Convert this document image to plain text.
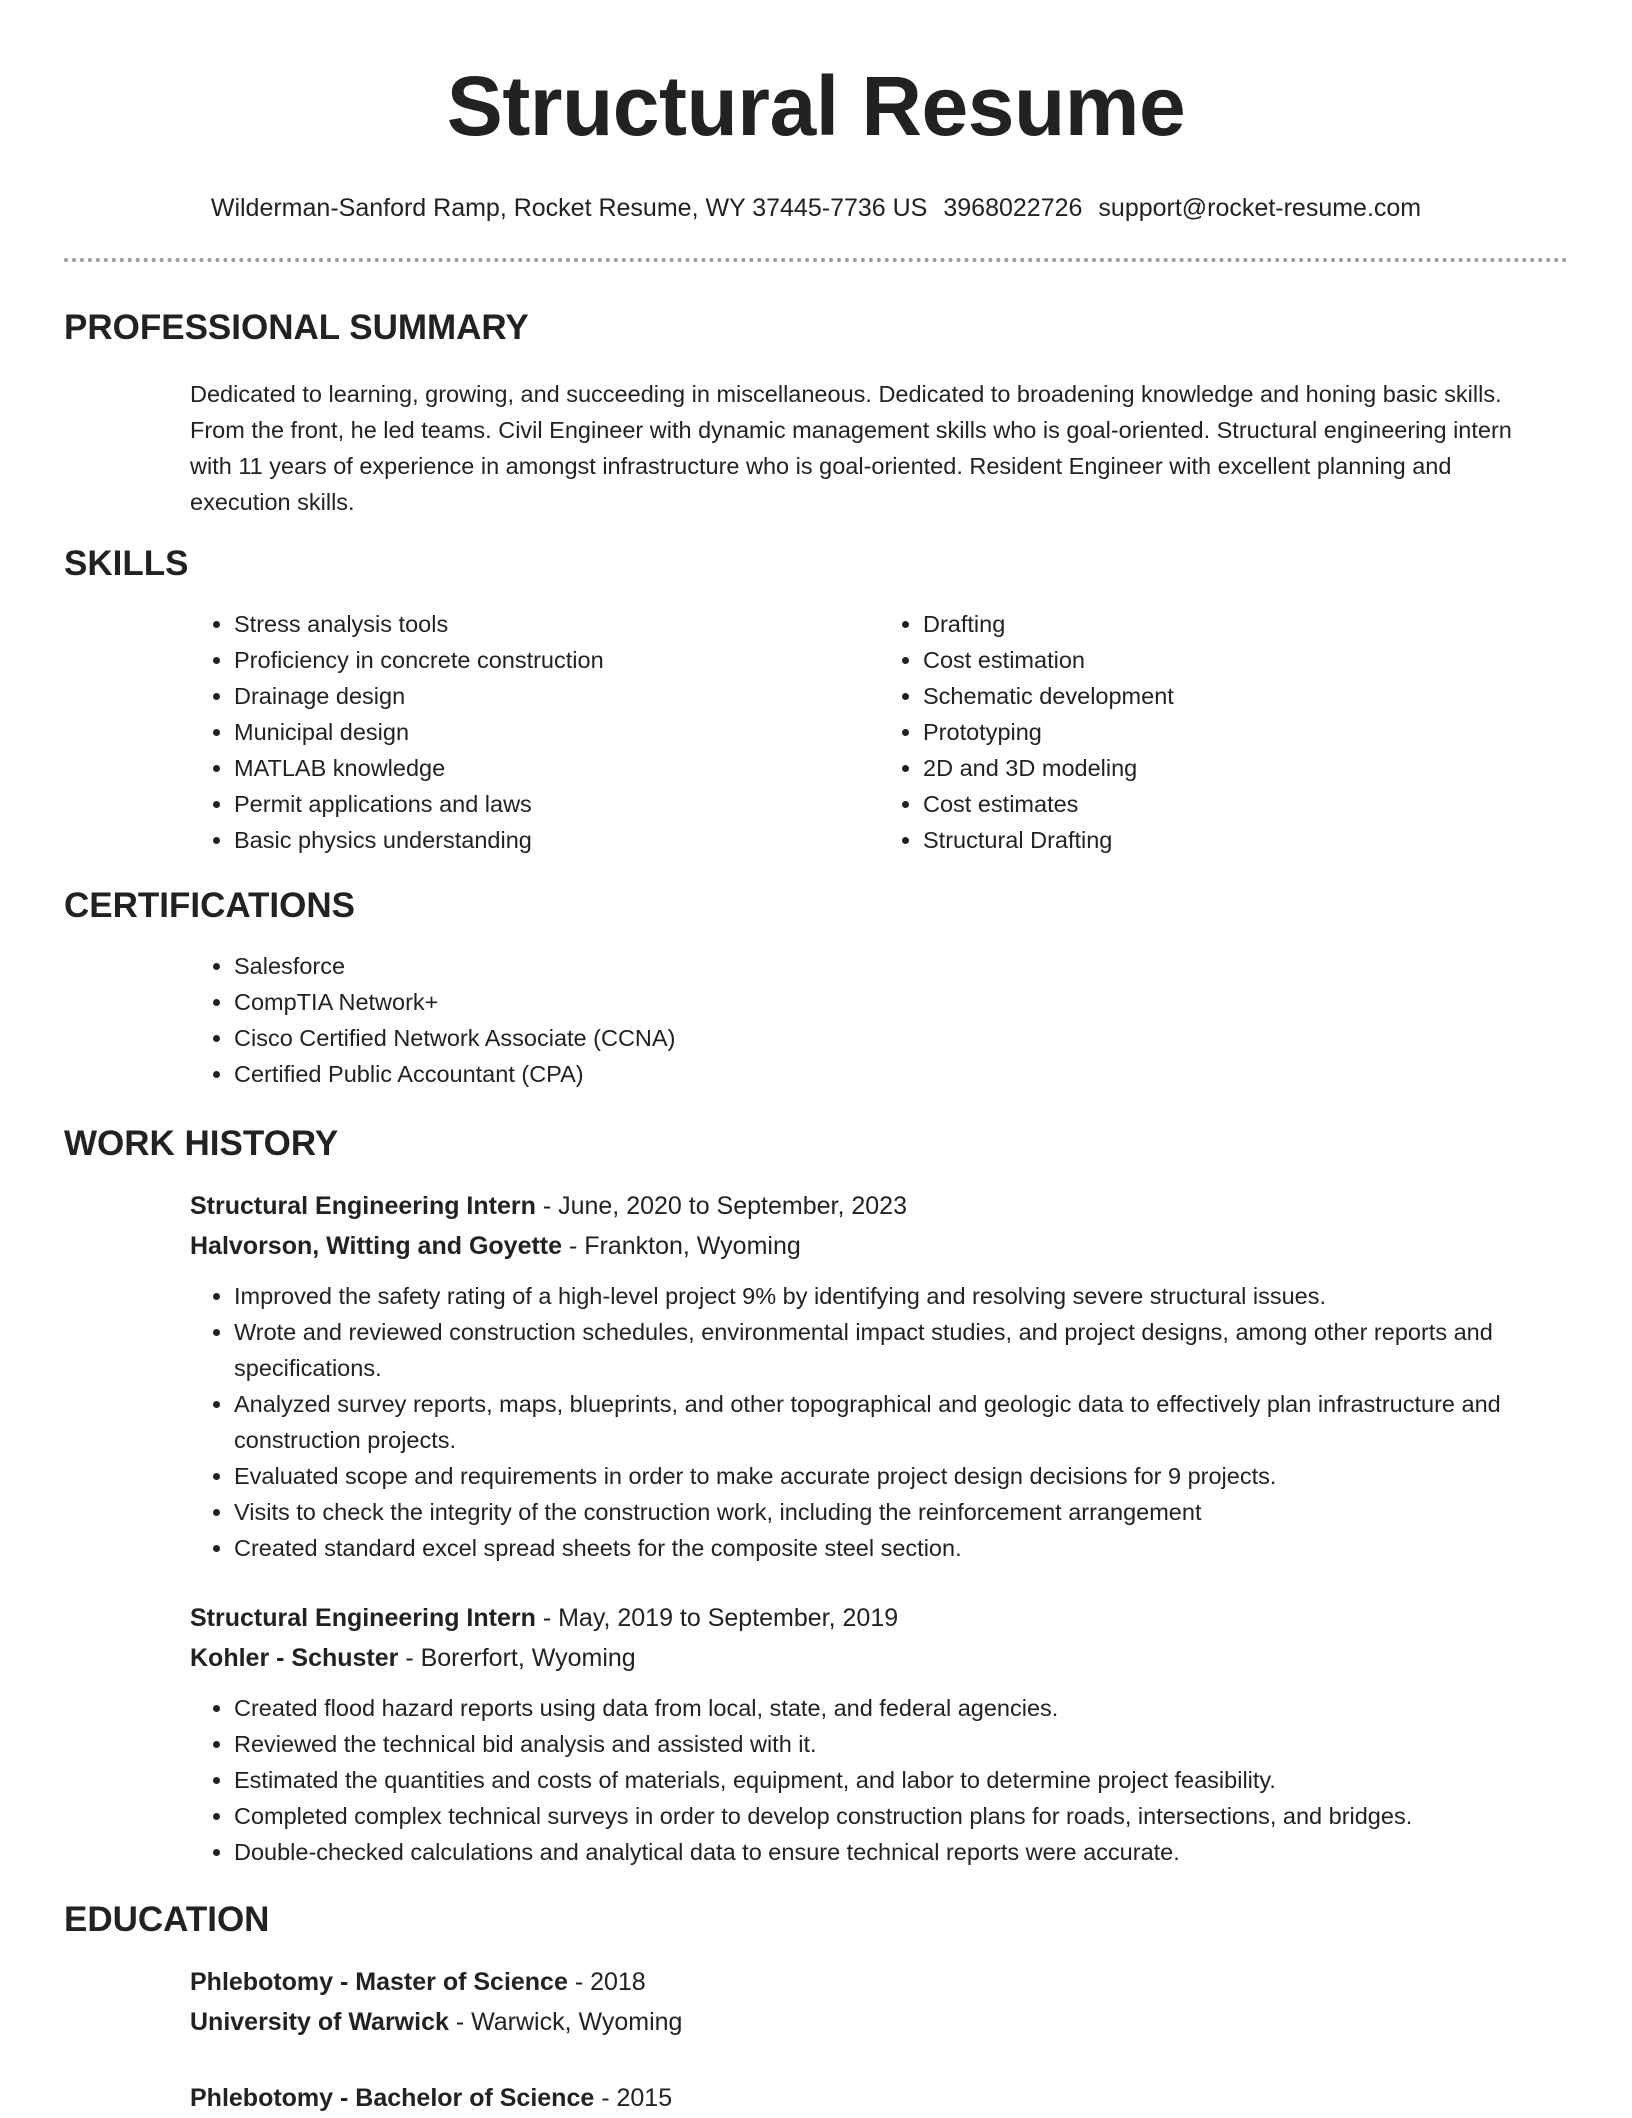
Structural Resume
Wilderman-Sanford Ramp, Rocket Resume, WY 37445-7736 US 3968022726 support@rocket-resume.com
PROFESSIONAL SUMMARY

Dedicated to learning, growing, and succeeding in miscellaneous. Dedicated to broadening knowledge and honing basic skills. From the front, he led teams. Civil Engineer with dynamic management skills who is goal-oriented. Structural engineering intern with 11 years of experience in amongst infrastructure who is goal-oriented. Resident Engineer with excellent planning and execution skills.

SKILLS
• Stress analysis tools
• Proficiency in concrete construction
• Drainage design
• Municipal design
• MATLAB knowledge
• Permit applications and laws
• Basic physics understanding
• Drafting
• Cost estimation
• Schematic development
• Prototyping
• 2D and 3D modeling
• Cost estimates
• Structural Drafting
CERTIFICATIONS
• Salesforce
• CompTIA Network+
• Cisco Certified Network Associate (CCNA)
• Certified Public Accountant (CPA)
WORK HISTORY
Structural Engineering Intern - June, 2020 to September, 2023
Halvorson, Witting and Goyette - Frankton, Wyoming
• Improved the safety rating of a high-level project 9% by identifying and resolving severe structural issues.
• Wrote and reviewed construction schedules, environmental impact studies, and project designs, among other reports and specifications.
• Analyzed survey reports, maps, blueprints, and other topographical and geologic data to effectively plan infrastructure and construction projects.
• Evaluated scope and requirements in order to make accurate project design decisions for 9 projects.
• Visits to check the integrity of the construction work, including the reinforcement arrangement
• Created standard excel spread sheets for the composite steel section.
Structural Engineering Intern - May, 2019 to September, 2019
Kohler - Schuster - Borerfort, Wyoming
• Created flood hazard reports using data from local, state, and federal agencies.
• Reviewed the technical bid analysis and assisted with it.
• Estimated the quantities and costs of materials, equipment, and labor to determine project feasibility.
• Completed complex technical surveys in order to develop construction plans for roads, intersections, and bridges.
• Double-checked calculations and analytical data to ensure technical reports were accurate.
EDUCATION
Phlebotomy - Master of Science - 2018
University of Warwick - Warwick, Wyoming
Phlebotomy - Bachelor of Science - 2015
